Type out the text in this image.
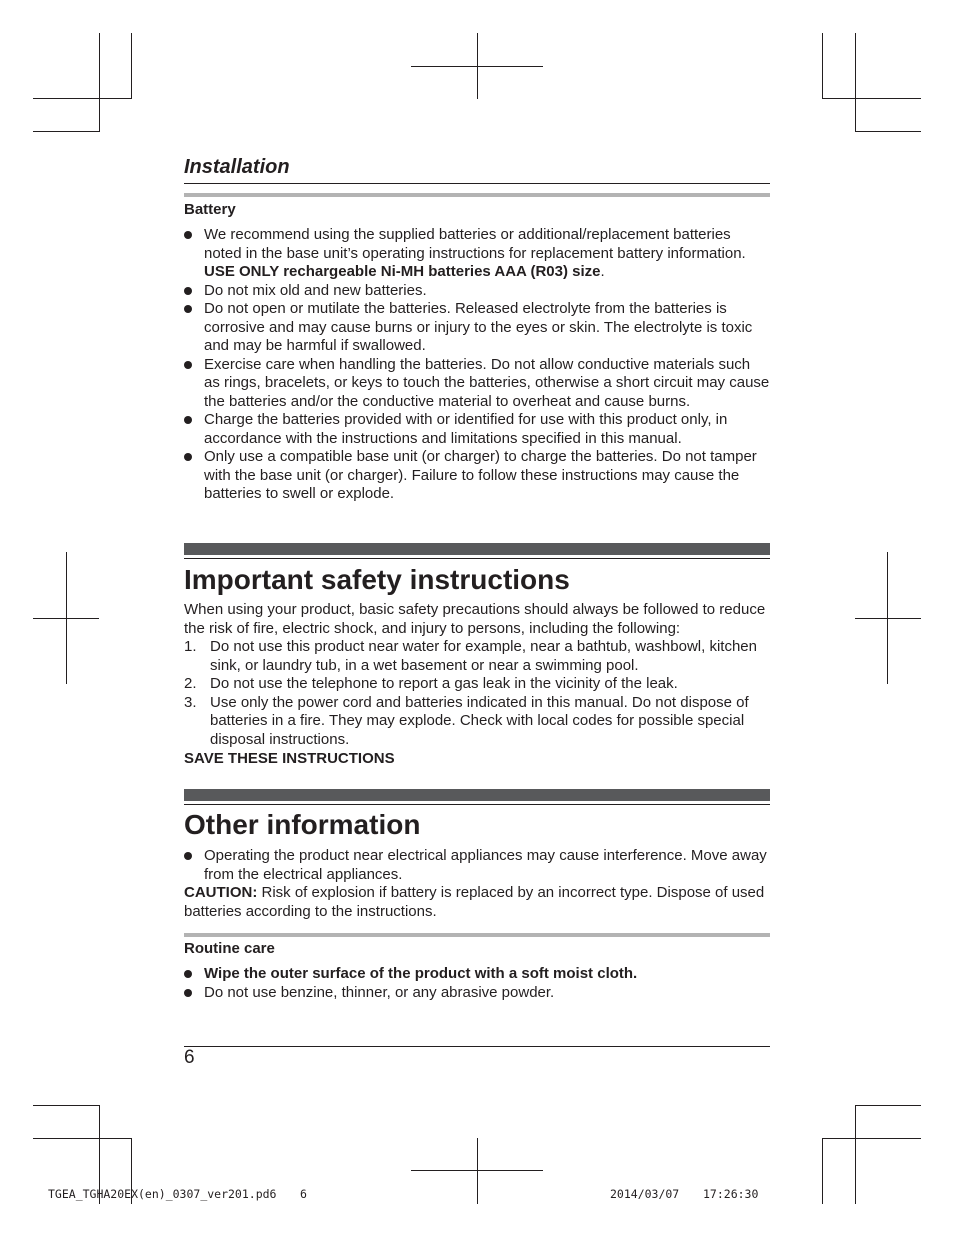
Installation
Battery
We recommend using the supplied batteries or additional/replacement batteries noted in the base unit’s operating instructions for replacement battery information. USE ONLY rechargeable Ni-MH batteries AAA (R03) size.
Do not mix old and new batteries.
Do not open or mutilate the batteries. Released electrolyte from the batteries is corrosive and may cause burns or injury to the eyes or skin. The electrolyte is toxic and may be harmful if swallowed.
Exercise care when handling the batteries. Do not allow conductive materials such as rings, bracelets, or keys to touch the batteries, otherwise a short circuit may cause the batteries and/or the conductive material to overheat and cause burns.
Charge the batteries provided with or identified for use with this product only, in accordance with the instructions and limitations specified in this manual.
Only use a compatible base unit (or charger) to charge the batteries. Do not tamper with the base unit (or charger). Failure to follow these instructions may cause the batteries to swell or explode.
Important safety instructions
When using your product, basic safety precautions should always be followed to reduce the risk of fire, electric shock, and injury to persons, including the following:
1. Do not use this product near water for example, near a bathtub, washbowl, kitchen sink, or laundry tub, in a wet basement or near a swimming pool.
2. Do not use the telephone to report a gas leak in the vicinity of the leak.
3. Use only the power cord and batteries indicated in this manual. Do not dispose of batteries in a fire. They may explode. Check with local codes for possible special disposal instructions.
SAVE THESE INSTRUCTIONS
Other information
Operating the product near electrical appliances may cause interference. Move away from the electrical appliances.
CAUTION: Risk of explosion if battery is replaced by an incorrect type. Dispose of used batteries according to the instructions.
Routine care
Wipe the outer surface of the product with a soft moist cloth.
Do not use benzine, thinner, or any abrasive powder.
6
TGEA_TGHA20EX(en)_0307_ver201.pd6 6	2014/03/07 17:26:30
